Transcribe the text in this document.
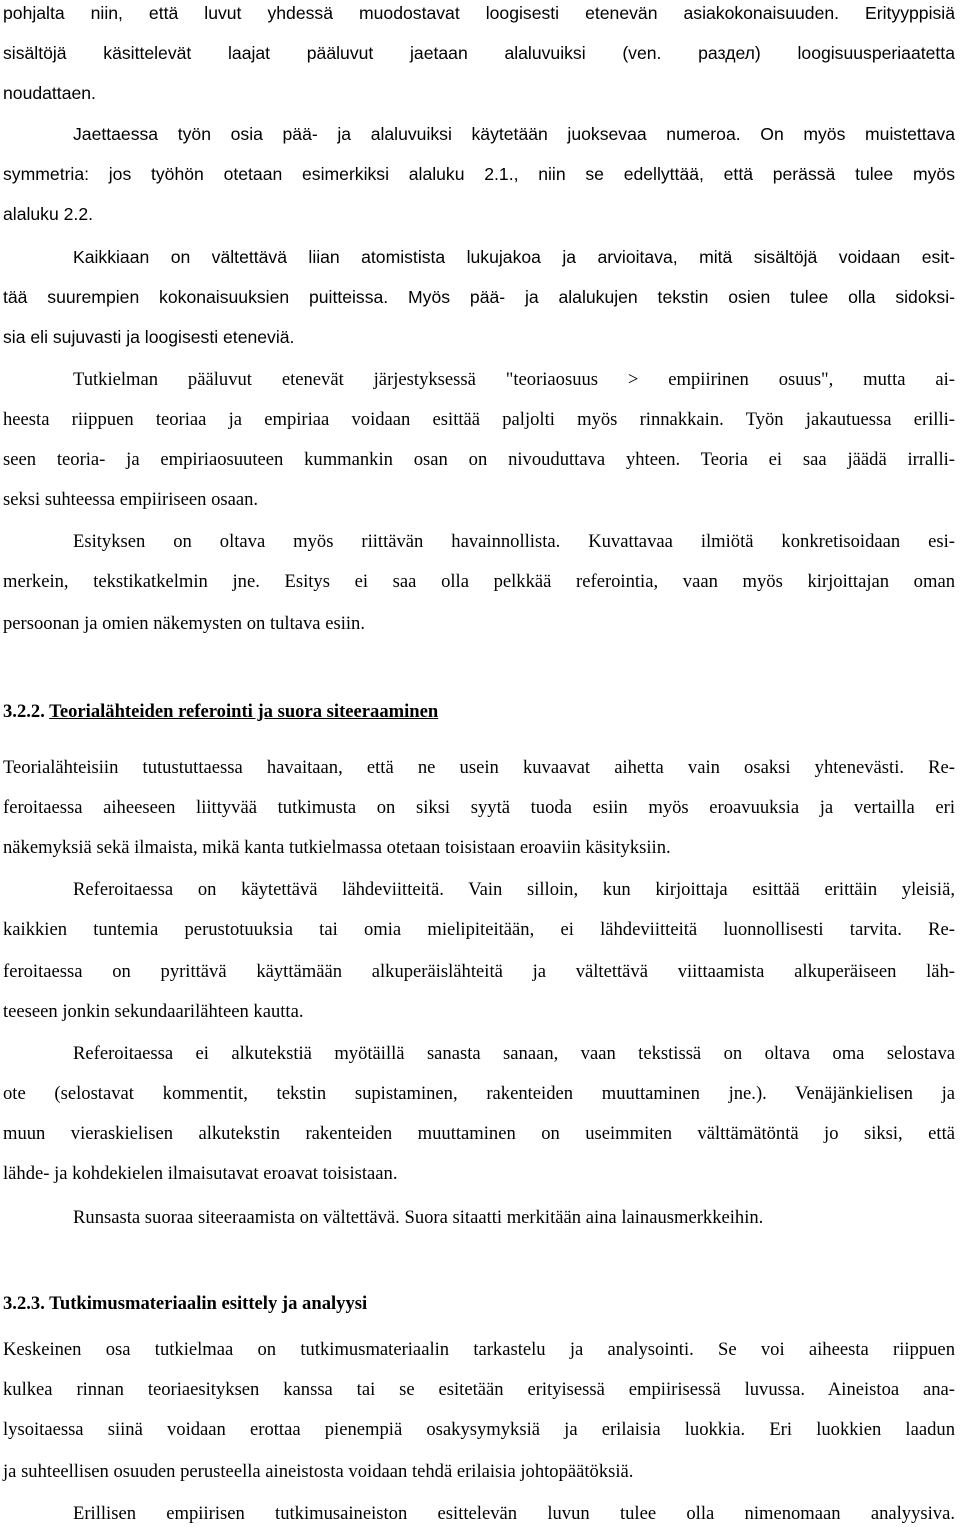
pohjalta niin, että luvut yhdessä muodostavat loogisesti etenevän asiakokonaisuuden. Erityyppisiä
sisältöjä käsittelevät laajat pääluvut jaetaan alaluvuiksi (ven. раздел) loogisuusperiaatetta
noudattaen.
Jaettaessa työn osia pää- ja alaluvuiksi käytetään juoksevaa numeroa. On myös muistettava
symmetria: jos työhön otetaan esimerkiksi alaluku 2.1., niin se edellyttää, että perässä tulee myös
alaluku 2.2.
Kaikkiaan on vältettävä liian atomistista lukujakoa ja arvioitava, mitä sisältöjä voidaan esit-
tää suurempien kokonaisuuksien puitteissa. Myös pää- ja alalukujen tekstin osien tulee olla sidoksi-
sia eli sujuvasti ja loogisesti eteneviä.
Tutkielman pääluvut etenevät järjestyksessä "teoriaosuus > empiirinen osuus", mutta ai-
heesta riippuen teoriaa ja empiriaa voidaan esittää paljolti myös rinnakkain. Työn jakautuessa erilli-
seen teoria- ja empiriaosuuteen kummankin osan on nivouduttava yhteen. Teoria ei saa jäädä irralli-
seksi suhteessa empiiriseen osaan.
Esityksen on oltava myös riittävän havainnollista. Kuvattavaa ilmiötä konkretisoidaan esi-
merkein, tekstikatkelmin jne. Esitys ei saa olla pelkkää referointia, vaan myös kirjoittajan oman
persoonan ja omien näkemysten on tultava esiin.
3.2.2. Teorialähteiden referointi ja suora siteeraaminen
Teorialähteisiin tutustuttaessa havaitaan, että ne usein kuvaavat aihetta vain osaksi yhtenevästi. Re-
feroitaessa aiheeseen liittyvää tutkimusta on siksi syytä tuoda esiin myös eroavuuksia ja vertailla eri
näkemyksiä sekä ilmaista, mikä kanta tutkielmassa otetaan toisistaan eroaviin käsityksiin.
Referoitaessa on käytettävä lähdeviitteitä. Vain silloin, kun kirjoittaja esittää erittäin yleisiä,
kaikkien tuntemia perustotuuksia tai omia mielipiteitään, ei lähdeviitteitä luonnollisesti tarvita. Re-
feroitaessa on pyrittävä käyttämään alkuperäislähteitä ja vältettävä viittaamista alkuperäiseen läh-
teeseen jonkin sekundaarilähteen kautta.
Referoitaessa ei alkutekstiä myötäillä sanasta sanaan, vaan tekstissä on oltava oma selostava
ote (selostavat kommentit, tekstin supistaminen, rakenteiden muuttaminen jne.). Venäjänkielisen ja
muun vieraskielisen alkutekstin rakenteiden muuttaminen on useimmiten välttämätöntä jo siksi, että
lähde- ja kohdekielen ilmaisutavat eroavat toisistaan.
Runsasta suoraa siteeraamista on vältettävä. Suora sitaatti merkitään aina lainausmerkkeihin.
3.2.3. Tutkimusmateriaalin esittely ja analyysi
Keskeinen osa tutkielmaa on tutkimusmateriaalin tarkastelu ja analysointi. Se voi aiheesta riippuen
kulkea rinnan teoriaesityksen kanssa tai se esitetään erityisessä empiirisessä luvussa. Aineistoa ana-
lysoitaessa siinä voidaan erottaa pienempiä osakysymyksiä ja erilaisia luokkia. Eri luokkien laadun
ja suhteellisen osuuden perusteella aineistosta voidaan tehdä erilaisia johtopäätöksiä.
Erillisen empiirisen tutkimusaineiston esittelevän luvun tulee olla nimenomaan analyysiva.
